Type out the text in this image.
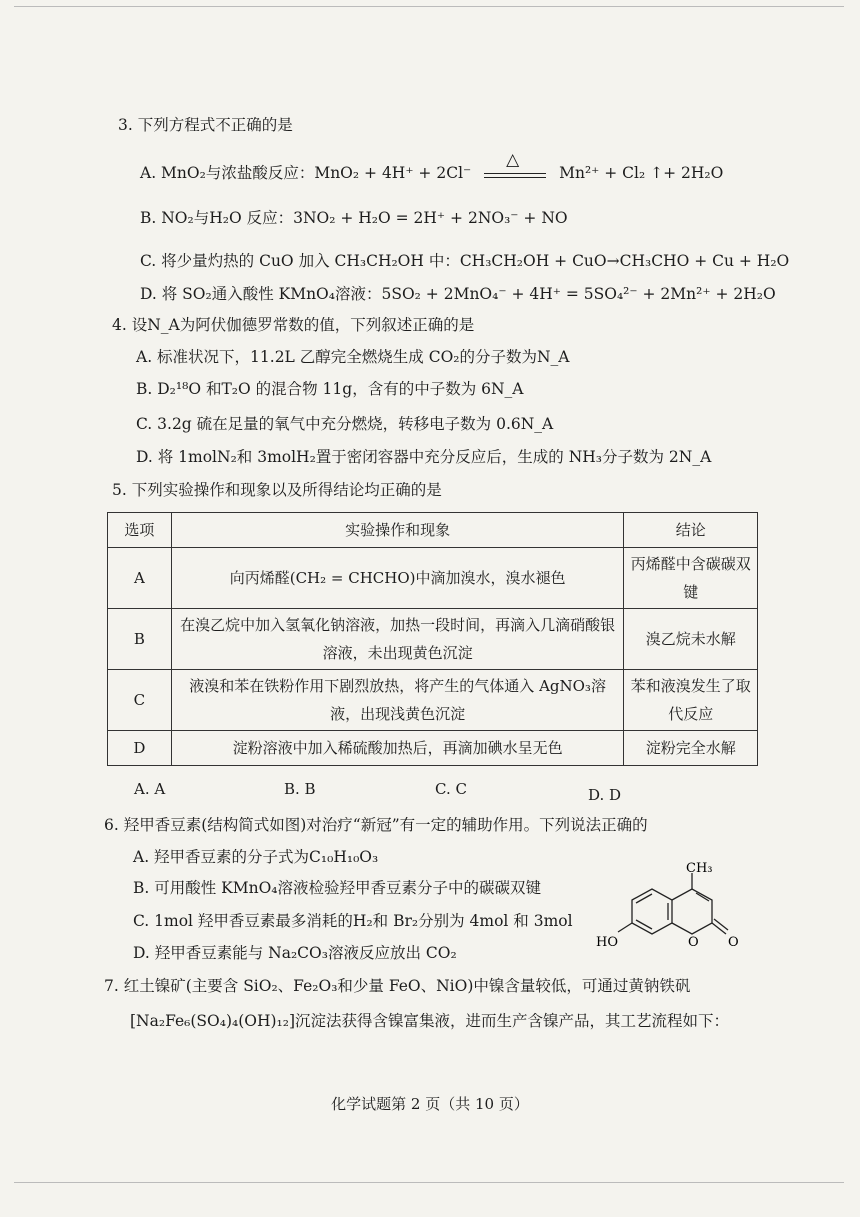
3. 下列方程式不正确的是
A. MnO₂与浓盐酸反应：MnO₂ + 4H⁺ + 2Cl⁻
△
Mn²⁺ + Cl₂ ↑+ 2H₂O
B. NO₂与H₂O 反应：3NO₂ + H₂O = 2H⁺ + 2NO₃⁻ + NO
C. 将少量灼热的 CuO 加入 CH₃CH₂OH 中：CH₃CH₂OH + CuO→CH₃CHO + Cu + H₂O
D. 将 SO₂通入酸性 KMnO₄溶液：5SO₂ + 2MnO₄⁻ + 4H⁺ = 5SO₄²⁻ + 2Mn²⁺ + 2H₂O
4. 设N_A为阿伏伽德罗常数的值，下列叙述正确的是
A. 标准状况下，11.2L 乙醇完全燃烧生成 CO₂的分子数为N_A
B. D₂¹⁸O 和T₂O 的混合物 11g，含有的中子数为 6N_A
C. 3.2g 硫在足量的氧气中充分燃烧，转移电子数为 0.6N_A
D. 将 1molN₂和 3molH₂置于密闭容器中充分反应后，生成的 NH₃分子数为 2N_A
5. 下列实验操作和现象以及所得结论均正确的是
选项	实验操作和现象	结论
A	向丙烯醛(CH₂ = CHCHO)中滴加溴水，溴水褪色	丙烯醛中含碳碳双键
B	在溴乙烷中加入氢氧化钠溶液，加热一段时间，再滴入几滴硝酸银溶液，未出现黄色沉淀	溴乙烷未水解
C	液溴和苯在铁粉作用下剧烈放热，将产生的气体通入 AgNO₃溶液，出现浅黄色沉淀	苯和液溴发生了取代反应
D	淀粉溶液中加入稀硫酸加热后，再滴加碘水呈无色	淀粉完全水解
A. A	B. B	C. C	D. D
6. 羟甲香豆素(结构简式如图)对治疗“新冠”有一定的辅助作用。下列说法正确的
A. 羟甲香豆素的分子式为C₁₀H₁₀O₃
B. 可用酸性 KMnO₄溶液检验羟甲香豆素分子中的碳碳双键
C. 1mol 羟甲香豆素最多消耗的H₂和 Br₂分别为 4mol 和 3mol
D. 羟甲香豆素能与 Na₂CO₃溶液反应放出 CO₂
CH₃
HO	O O
7. 红土镍矿(主要含 SiO₂、Fe₂O₃和少量 FeO、NiO)中镍含量较低，可通过黄钠铁矾
[Na₂Fe₆(SO₄)₄(OH)₁₂]沉淀法获得含镍富集液，进而生产含镍产品，其工艺流程如下：
化学试题第 2 页（共 10 页）
